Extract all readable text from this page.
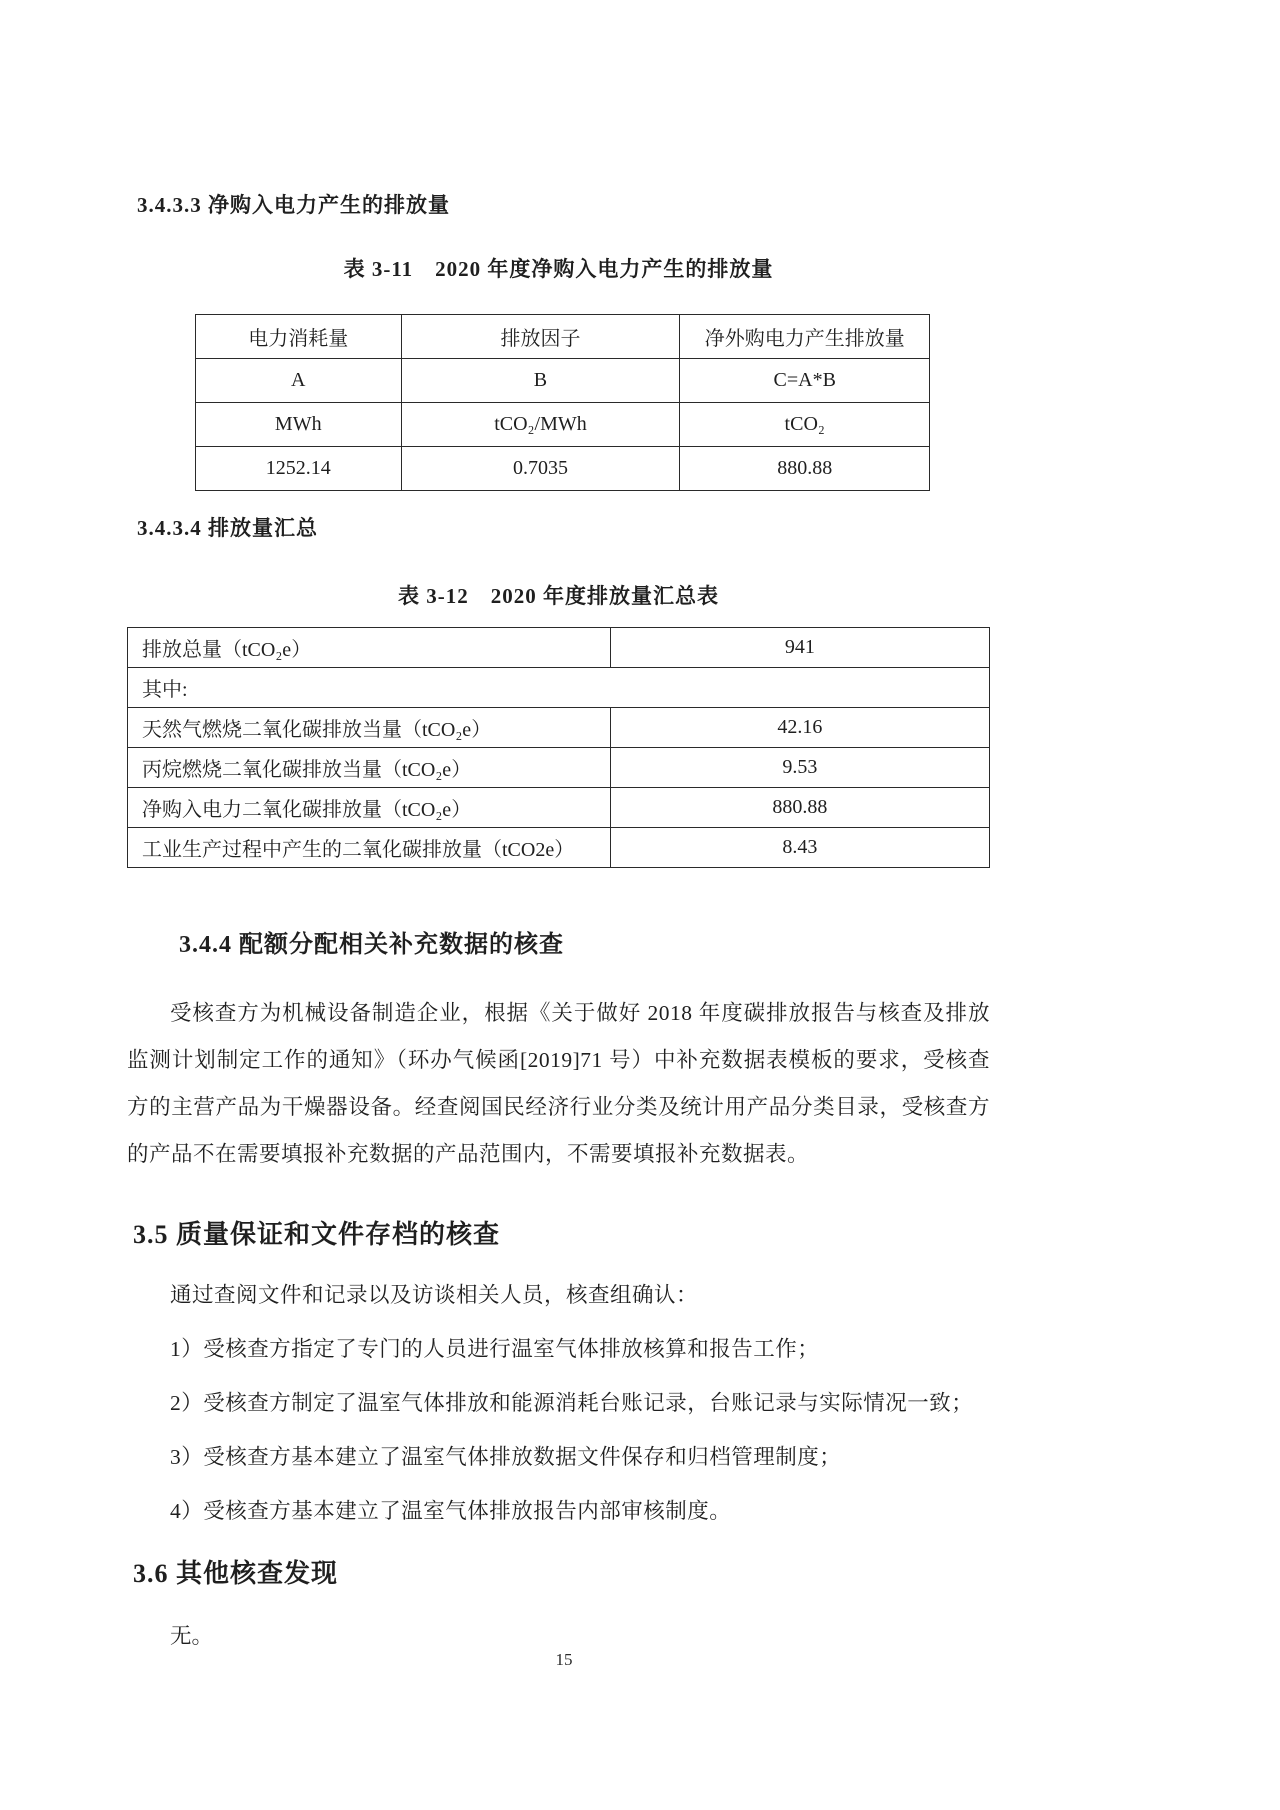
3.4.3.3 净购入电力产生的排放量
表 3-11　2020 年度净购入电力产生的排放量
电力消耗量	排放因子	净外购电力产生排放量
A	B	C=A*B
MWh	tCO₂/MWh	tCO₂
1252.14	0.7035	880.88
3.4.3.4 排放量汇总
表 3-12　2020 年度排放量汇总表
排放总量（tCO₂e）	941
其中:	
天然气燃烧二氧化碳排放当量（tCO₂e）	42.16
丙烷燃烧二氧化碳排放当量（tCO₂e）	9.53
净购入电力二氧化碳排放量（tCO₂e）	880.88
工业生产过程中产生的二氧化碳排放量（tCO2e）	8.43
3.4.4 配额分配相关补充数据的核查
受核查方为机械设备制造企业，根据《关于做好 2018 年度碳排放报告与核查及排放监测计划制定工作的通知》（环办气候函[2019]71 号）中补充数据表模板的要求，受核查方的主营产品为干燥器设备。经查阅国民经济行业分类及统计用产品分类目录，受核查方的产品不在需要填报补充数据的产品范围内，不需要填报补充数据表。
3.5 质量保证和文件存档的核查
通过查阅文件和记录以及访谈相关人员，核查组确认：
1）受核查方指定了专门的人员进行温室气体排放核算和报告工作；
2）受核查方制定了温室气体排放和能源消耗台账记录，台账记录与实际情况一致；
3）受核查方基本建立了温室气体排放数据文件保存和归档管理制度；
4）受核查方基本建立了温室气体排放报告内部审核制度。
3.6 其他核查发现
无。
15
